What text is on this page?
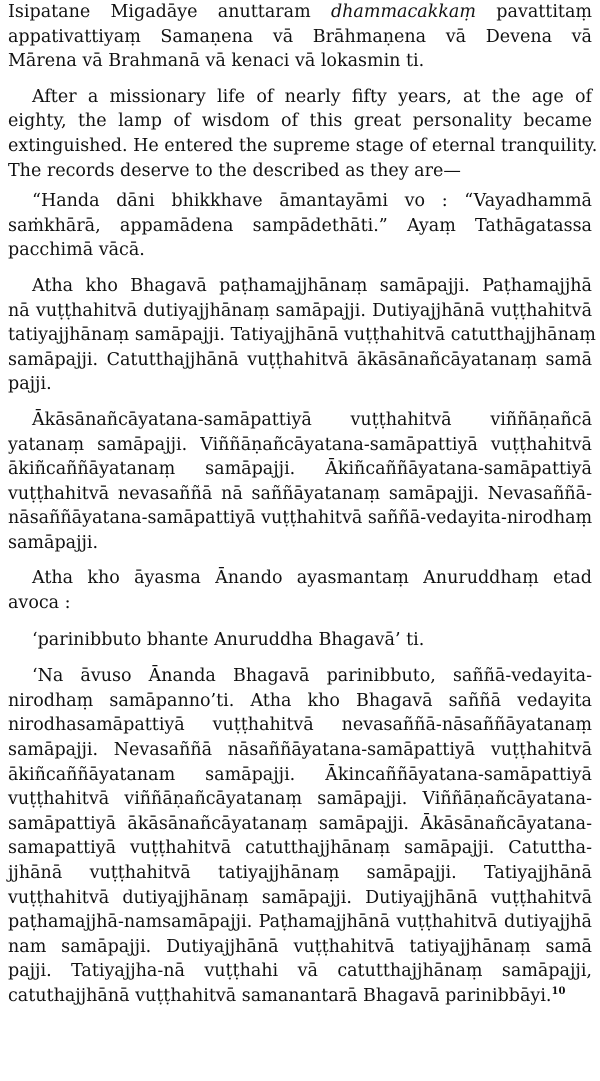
Isipatane Migadāye anuttaram dhammacakkaṃ pavattitaṃ
appativattiyaṃ Samaṇena vā Brāhmaṇena vā Devena vā
Mārena vā Brahmanā vā kenaci vā lokasmin ti.
After a missionary life of nearly fifty years, at the age of
eighty, the lamp of wisdom of this great personality became
extinguished. He entered the supreme stage of eternal tranquility.
The records deserve to the described as they are—
“Handa dāni bhikkhave āmantayāmi vo : “Vayadhammā
saṁkhārā, appamādena sampādethāti.” Ayaṃ Tathāgatassa
pacchimā vācā.
Atha kho Bhagavā paṭhamajjhānaṃ samāpajji. Paṭhamajjhā
nā vuṭṭhahitvā dutiyajjhānaṃ samāpajji. Dutiyajjhānā vuṭṭhahitvā
tatiyajjhānaṃ samāpajji. Tatiyajjhānā vuṭṭhahitvā catutthajjhānaṃ
samāpajji. Catutthajjhānā vuṭṭhahitvā ākāsānañcāyatanaṃ samā
pajji.
Ākāsānañcāyatana-samāpattiyā vuṭṭhahitvā viññāṇañcā
yatanaṃ samāpajji. Viññāṇañcāyatana-samāpattiyā vuṭṭhahitvā
ākiñcaññāyatanaṃ samāpajji. Ākiñcaññāyatana-samāpattiyā
vuṭṭhahitvā nevasaññā nā saññāyatanaṃ samāpajji. Nevasaññā-
nāsaññāyatana-samāpattiyā vuṭṭhahitvā saññā-vedayita-nirodhaṃ
samāpajji.
Atha kho āyasma Ānando ayasmantaṃ Anuruddhaṃ etad
avoca :
‘parinibbuto bhante Anuruddha Bhagavā’ ti.
‘Na āvuso Ānanda Bhagavā parinibbuto, saññā-vedayita-
nirodhaṃ samāpanno’ti. Atha kho Bhagavā saññā vedayita
nirodhasamāpattiyā vuṭṭhahitvā nevasaññā-nāsaññāyatanaṃ
samāpajji. Nevasaññā nāsaññāyatana-samāpattiyā vuṭṭhahitvā
ākiñcaññāyatanam samāpajji. Ākincaññāyatana-samāpattiyā
vuṭṭhahitvā viññāṇañcāyatanaṃ samāpajji. Viññāṇañcāyatana-
samāpattiyā ākāsānañcāyatanaṃ samāpajji. Ākāsānañcāyatana-
samapattiyā vuṭṭhahitvā catutthajjhānaṃ samāpajji. Catuttha-
jjhānā vuṭṭhahitvā tatiyajjhānaṃ samāpajji. Tatiyajjhānā
vuṭṭhahitvā dutiyajjhānaṃ samāpajji. Dutiyajjhānā vuṭṭhahitvā
paṭhamajjhā-namsamāpajji. Paṭhamajjhānā vuṭṭhahitvā dutiyajjhā
nam samāpajji. Dutiyajjhānā vuṭṭhahitvā tatiyajjhānaṃ samā
pajji. Tatiyajjha-nā vuṭṭhahi vā catutthajjhānaṃ samāpajji,
catuthajjhānā vuṭṭhahitvā samanantarā Bhagavā parinibbāyi.$^{10}$
